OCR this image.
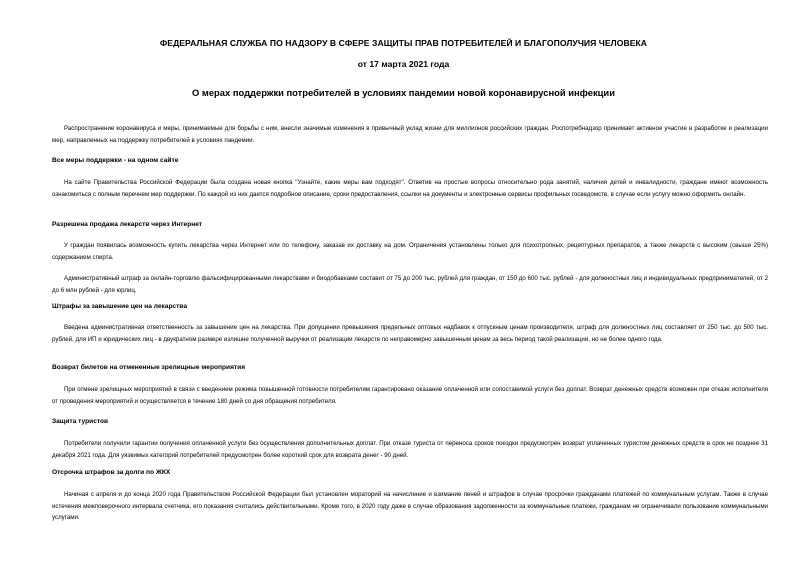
ФЕДЕРАЛЬНАЯ СЛУЖБА ПО НАДЗОРУ В СФЕРЕ ЗАЩИТЫ ПРАВ ПОТРЕБИТЕЛЕЙ И БЛАГОПОЛУЧИЯ ЧЕЛОВЕКА
от 17 марта 2021 года
О мерах поддержки потребителей в условиях пандемии новой коронавирусной инфекции

Распространение коронавируса и меры, принимаемые для борьбы с ним, внесли значимые изменения в привычный уклад жизни для миллионов российских граждан. Роспотребнадзор принимает активное участие в разработке и реализации мер, направленных на поддержку потребителей в условиях пандемии.

Все меры поддержки - на одном сайте

На сайте Правительства Российской Федерации была создана новая кнопка "Узнайте, какие меры вам подходят". Ответив на простые вопросы относительно рода занятий, наличия детей и инвалидности, граждане имеют возможность ознакомиться с полным перечнем мер поддержки. По каждой из них дается подробное описание, сроки предоставления, ссылки на документы и электронные сервисы профильных госведомств, в случае если услугу можно оформить онлайн.

Разрешена продажа лекарств через Интернет

У граждан появилась возможность купить лекарства через Интернет или по телефону, заказав их доставку на дом. Ограничения установлены только для психотропных, рецептурных препаратов, а также лекарств с высоким (свыше 25%) содержанием спирта.

Административный штраф за онлайн-торговлю фальсифицированными лекарствами и биодобавками составит от 75 до 200 тыс. рублей для граждан, от 150 до 600 тыс. рублей - для должностных лиц и индивидуальных предпринимателей, от 2 до 6 млн рублей - для юрлиц.

Штрафы за завышение цен на лекарства

Введена административная ответственность за завышение цен на лекарства. При допущении превышения предельных оптовых надбавок к отпускным ценам производителя, штраф для должностных лиц составляет от 250 тыс. до 500 тыс. рублей, для ИП и юридических лиц - в двукратном размере излишне полученной выручки от реализации лекарств по неправомерно завышенным ценам за весь период такой реализации, но не более одного года.

Возврат билетов на отмененные зрелищные мероприятия

При отмене зрелищных мероприятий в связи с введением режима повышенной готовности потребителям гарантировано оказание оплаченной или сопоставимой услуги без доплат. Возврат денежных средств возможен при отказе исполнителя от проведения мероприятий и осуществляется в течение 180 дней со дня обращения потребителя.

Защита туристов

Потребители получили гарантии получения оплаченной услуги без осуществления дополнительных доплат. При отказе туриста от переноса сроков поездки предусмотрен возврат уплаченных туристом денежных средств в срок не позднее 31 декабря 2021 года. Для уязвимых категорий потребителей предусмотрен более короткий срок для возврата денег - 90 дней.

Отсрочка штрафов за долги по ЖКХ

Начиная с апреля и до конца 2020 года Правительством Российской Федерации был установлен мораторий на начисление и взимание пеней и штрафов в случае просрочки гражданами платежей по коммунальным услугам. Также в случае истечения межповерочного интервала счетчика, его показания считались действительными. Кроме того, в 2020 году даже в случае образования задолженности за коммунальные платежи, гражданам не ограничивали пользование коммунальными услугами.
